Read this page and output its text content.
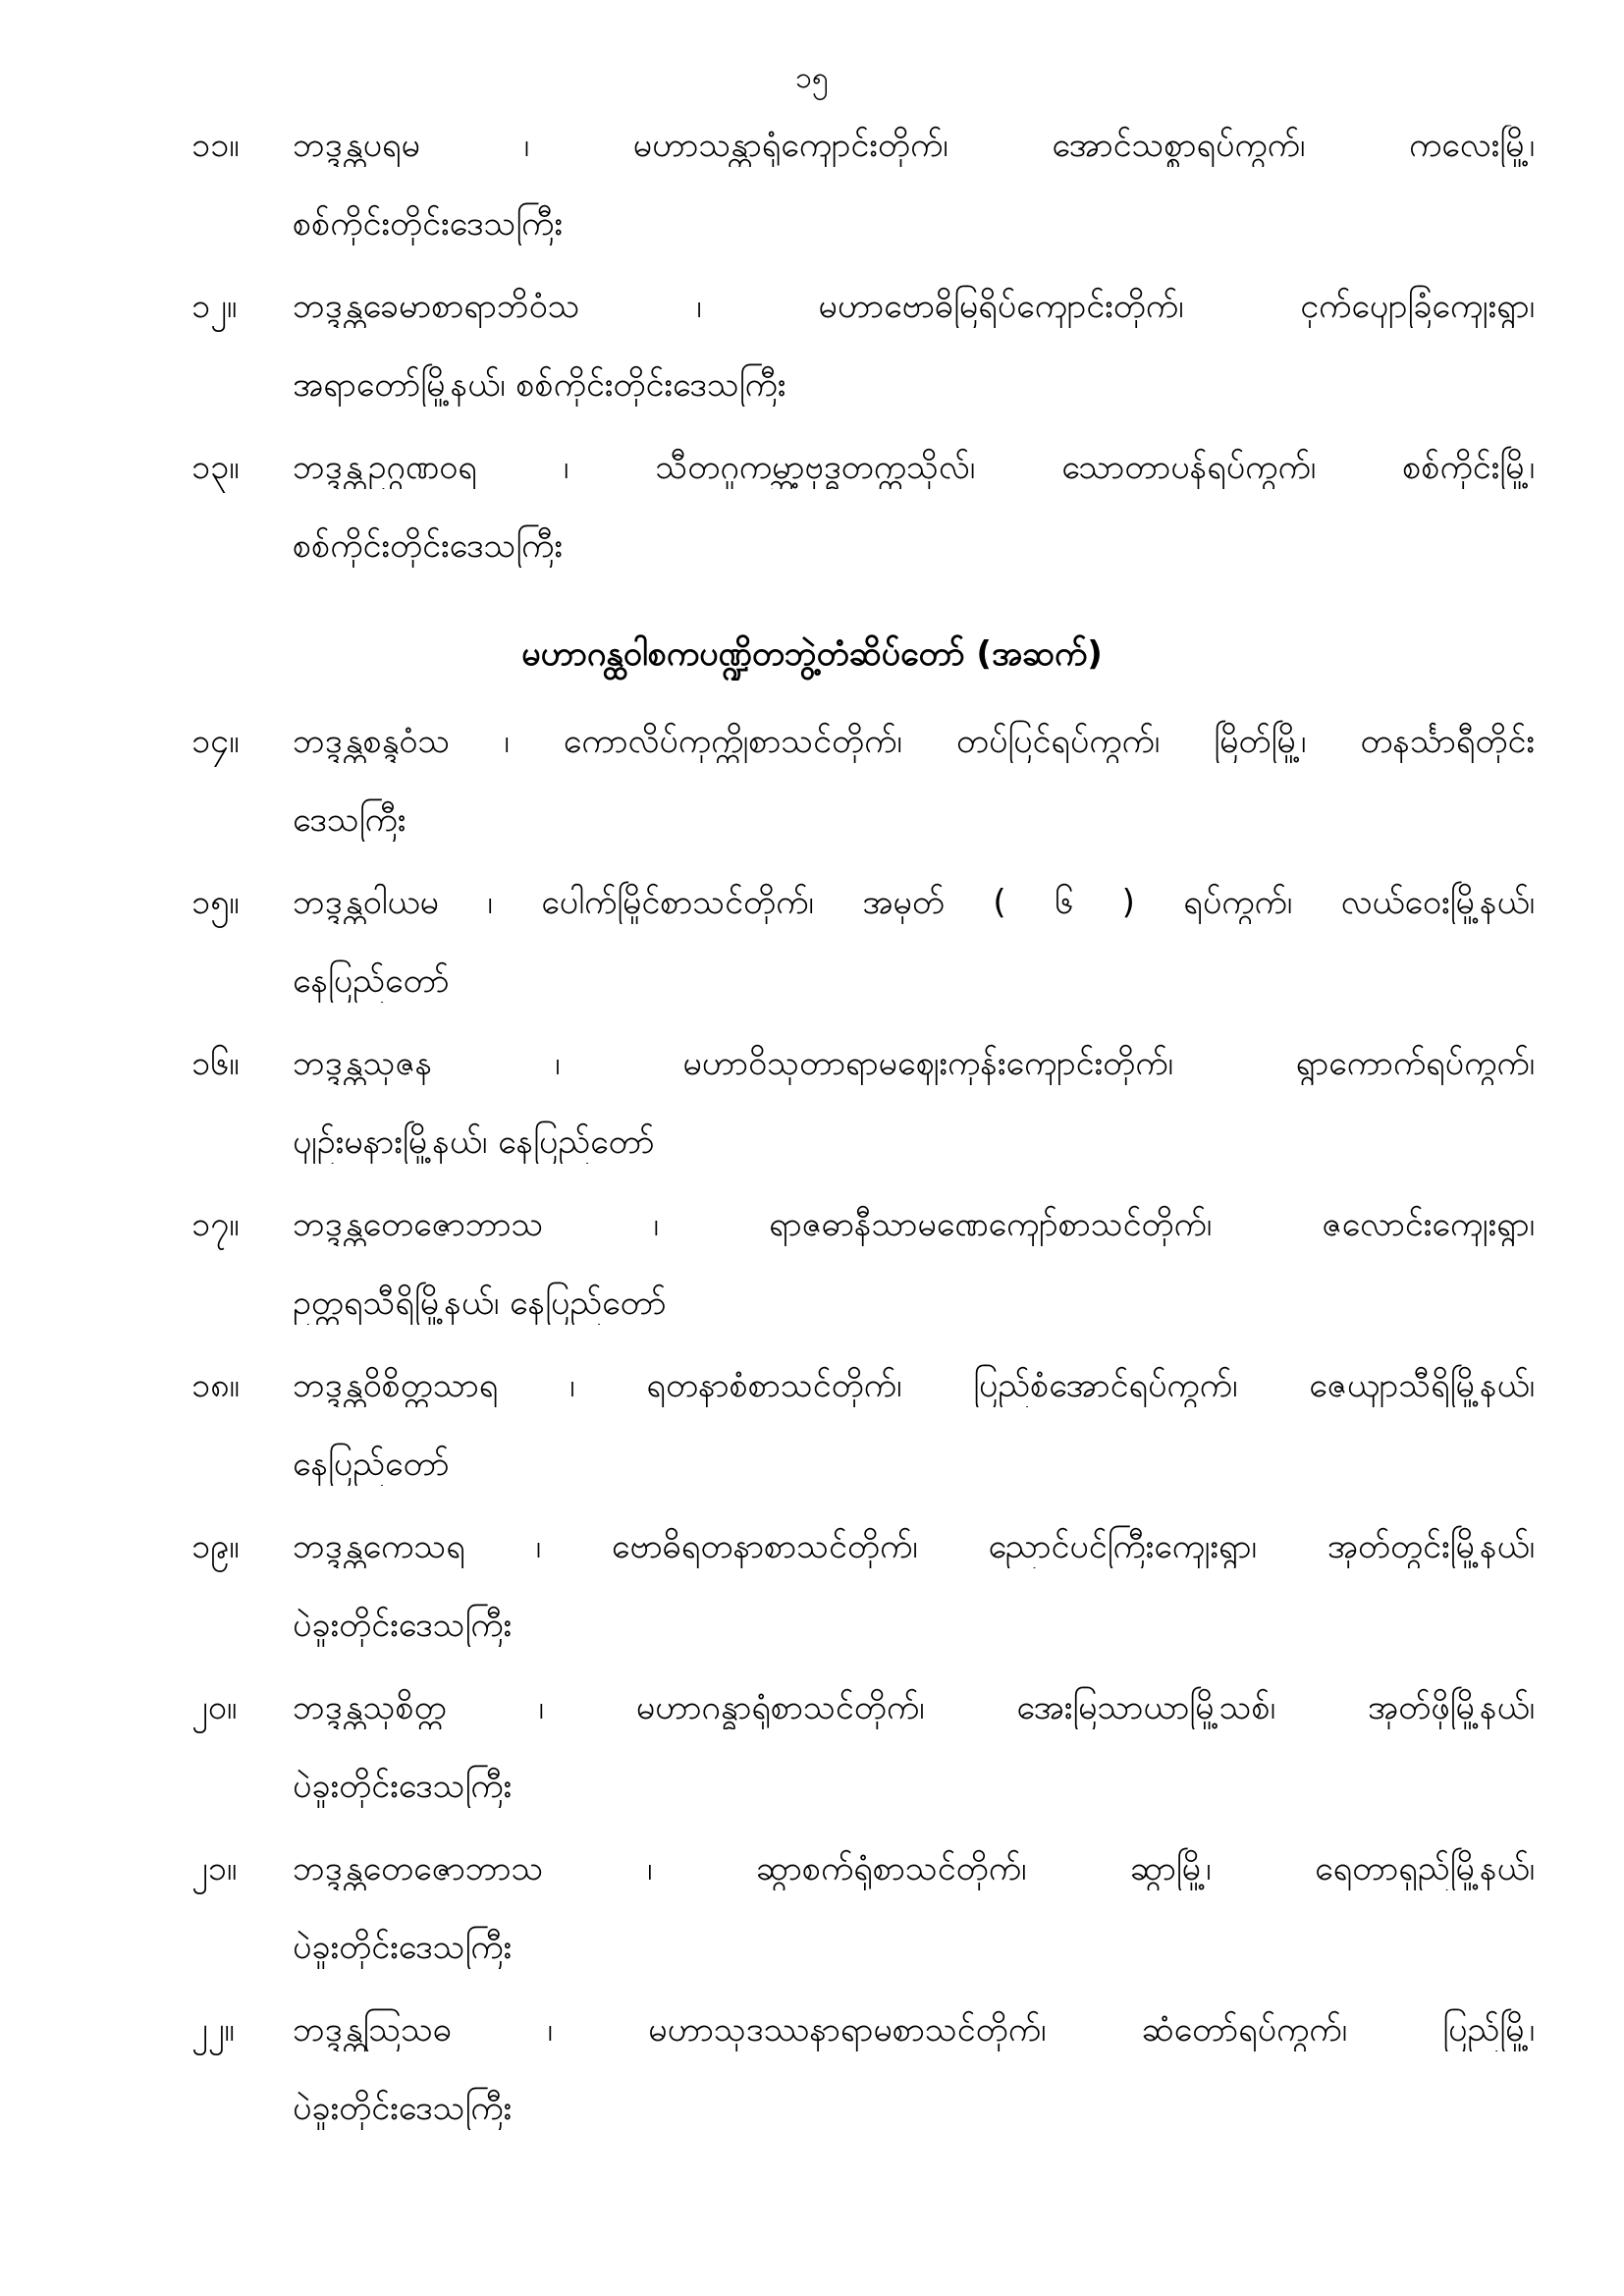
၁၅
၁၁။	ဘဒ္ဒန္တပရမ ၊ မဟာသန္တာရုံကျောင်းတိုက်၊ အောင်သစ္စာရပ်ကွက်၊ ကလေးမြို့၊
စစ်ကိုင်းတိုင်းဒေသကြီး
၁၂။	ဘဒ္ဒန္တခေမာစာရာဘိဝံသ ၊ မဟာဗောဓိမြရိပ်ကျောင်းတိုက်၊ ငှက်ပျောခြံကျေးရွာ၊
အရာတော်မြို့နယ်၊ စစ်ကိုင်းတိုင်းဒေသကြီး
၁၃။	ဘဒ္ဒန္တဥဂ္ဂဏဝရ ၊ သီတဂူကမ္ဘာ့ဗုဒ္ဓတက္ကသိုလ်၊ သောတာပန်ရပ်ကွက်၊ စစ်ကိုင်းမြို့၊
စစ်ကိုင်းတိုင်းဒေသကြီး
မဟာဂန္ထဝါစကပဏ္ဍိတဘွဲ့တံဆိပ်တော် (အဆက်)
၁၄။	ဘဒ္ဒန္တစန္ဒဝံသ ၊ ကောလိပ်ကုက္ကိုစာသင်တိုက်၊ တပ်ပြင်ရပ်ကွက်၊ မြိတ်မြို့၊ တနင်္သာရီတိုင်း
ဒေသကြီး
၁၅။	ဘဒ္ဒန္တဝါယမ ၊ ပေါက်မြိုင်စာသင်တိုက်၊ အမှတ် ( ၆ ) ရပ်ကွက်၊ လယ်ဝေးမြို့နယ်၊
နေပြည်တော်
၁၆။	ဘဒ္ဒန္တသုဇန ၊ မဟာဝိသုတာရာမဈေးကုန်းကျောင်းတိုက်၊ ရွာကောက်ရပ်ကွက်၊
ပျဉ်းမနားမြို့နယ်၊ နေပြည်တော်
၁၇။	ဘဒ္ဒန္တတေဇောဘာသ ၊ ရာဇဓာနီသာမဏေကျော်စာသင်တိုက်၊ ဇလောင်းကျေးရွာ၊
ဥတ္တရသီရိမြို့နယ်၊ နေပြည်တော်
၁၈။	ဘဒ္ဒန္တဝိစိတ္တသာရ ၊ ရတနာစံစာသင်တိုက်၊ ပြည်စံအောင်ရပ်ကွက်၊ ဇေယျာသီရိမြို့နယ်၊
နေပြည်တော်
၁၉။	ဘဒ္ဒန္တကေသရ ၊ ဗောဓိရတနာစာသင်တိုက်၊ ညောင်ပင်ကြီးကျေးရွာ၊ အုတ်တွင်းမြို့နယ်၊
ပဲခူးတိုင်းဒေသကြီး
၂၀။	ဘဒ္ဒန္တသုစိတ္တ ၊ မဟာဂန္ဓာရုံစာသင်တိုက်၊ အေးမြသာယာမြို့သစ်၊ အုတ်ဖိုမြို့နယ်၊
ပဲခူးတိုင်းဒေသကြီး
၂၁။	ဘဒ္ဒန္တတေဇောဘာသ ၊ ဆွာစက်ရုံစာသင်တိုက်၊ ဆွာမြို့၊ ရေတာရှည်မြို့နယ်၊
ပဲခူးတိုင်းဒေသကြီး
၂၂။	ဘဒ္ဒန္တသြသဓ ၊ မဟာသုဒဿနာရာမစာသင်တိုက်၊ ဆံတော်ရပ်ကွက်၊ ပြည်မြို့၊
ပဲခူးတိုင်းဒေသကြီး
